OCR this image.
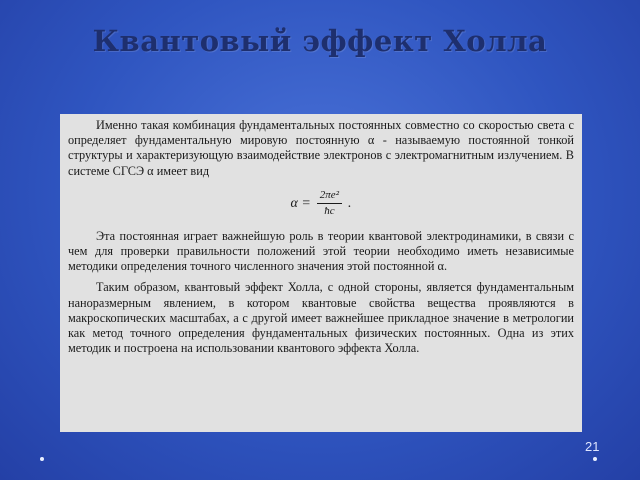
Квантовый эффект Холла

Именно такая комбинация фундаментальных постоянных совместно со скоростью света c определяет фундаментальную мировую постоянную α - называемую постоянной тонкой структуры и характеризующую взаимодействие электронов с электромагнитным излучением. В системе СГСЭ α имеет вид

$\alpha = \frac{\text{2πe²}}{ħc}$ .

Эта постоянная играет важнейшую роль в теории квантовой электродинамики, в связи с чем для проверки правильности положений этой теории необходимо иметь независимые методики определения точного численного значения этой постоянной α.

Таким образом, квантовый эффект Холла, с одной стороны, является фундаментальным наноразмерным явлением, в котором квантовые свойства вещества проявляются в макроскопических масштабах, а с другой имеет важнейшее прикладное значение в метрологии как метод точного определения фундаментальных физических постоянных. Одна из этих методик и построена на использовании квантового эффекта Холла.

21
